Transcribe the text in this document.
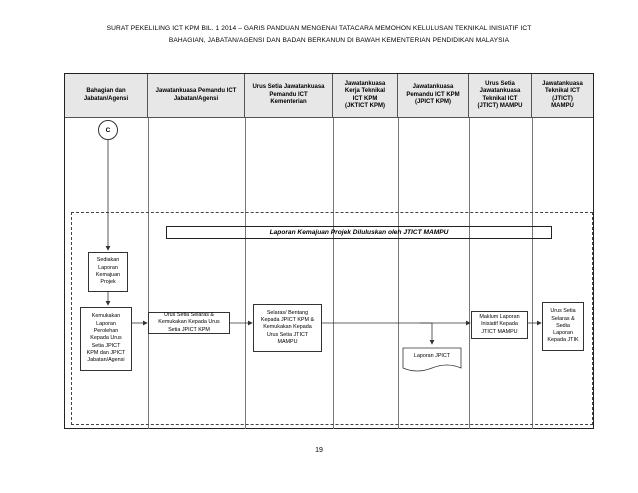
SURAT PEKELILING ICT KPM BIL. 1 2014 – GARIS PANDUAN MENGENAI TATACARA MEMOHON KELULUSAN TEKNIKAL INISIATIF ICT
BAHAGIAN, JABATAN/AGENSI DAN BADAN BERKANUN DI BAWAH KEMENTERIAN PENDIDIKAN MALAYSIA
Bahagian dan
Jabatan/Agensi
Jawatankuasa Pemandu ICT
Jabatan/Agensi
Urus Setia Jawatankuasa
Pemandu ICT
Kementerian
Jawatankuasa
Kerja Teknikal
ICT KPM
(JKTICT KPM)
Jawatankuasa
Pemandu ICT KPM
(JPICT KPM)
Urus Setia
Jawatankuasa
Teknikal ICT
(JTICT) MAMPU
Jawatankuasa
Teknikal ICT
(JTICT)
MAMPU
C
Laporan Kemajuan Projek Diluluskan oleh JTICT MAMPU
Sediakan
Laporan
Kemajuan
Projek
Kemukakan
Laporan
Perolehan
Kepada Urus
Setia JPICT
KPM dan JPICT
Jabatan/Agensi
Urus Setia Selaras &
Kemukakan Kepada Urus
Setia JPICT KPM
Selaras/ Bentang
Kepada JPICT KPM &
Kemukakan Kepada
Urus Setia JTICT
MAMPU
Laporan JPICT
Maklum Laporan
Inisiatif Kepada
JTICT MAMPU
Urus Setia
Selaras &
Sedia
Laporan
Kepada JTIK
19
